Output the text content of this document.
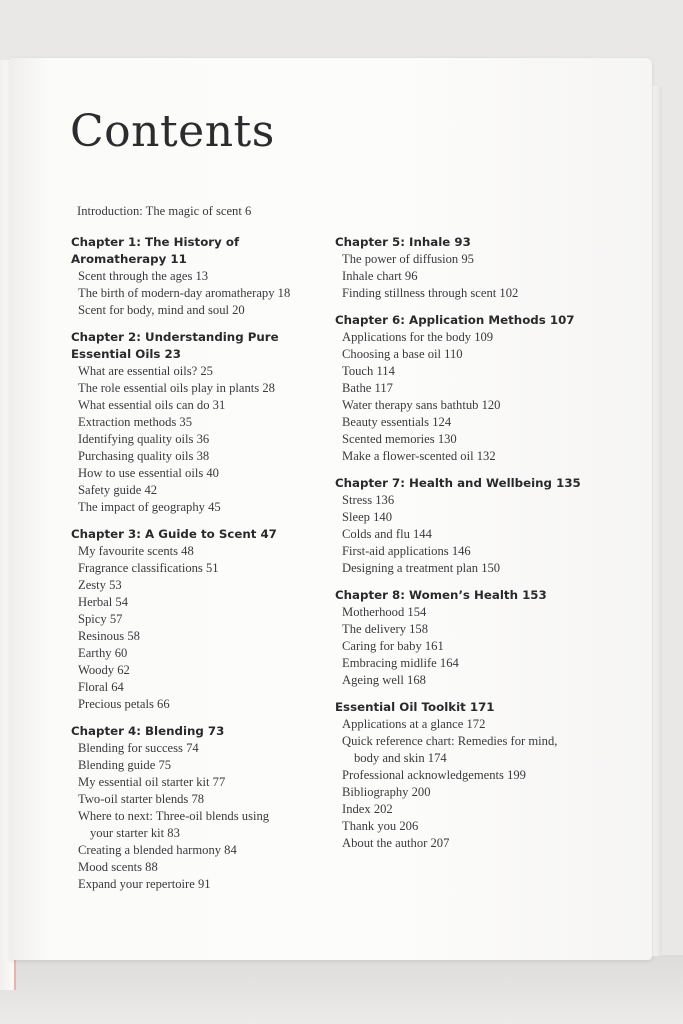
Contents
Introduction: The magic of scent 6
Chapter 1: The History of
Aromatherapy 11
Scent through the ages 13
The birth of modern-day aromatherapy 18
Scent for body, mind and soul 20
Chapter 2: Understanding Pure
Essential Oils 23
What are essential oils? 25
The role essential oils play in plants 28
What essential oils can do 31
Extraction methods 35
Identifying quality oils 36
Purchasing quality oils 38
How to use essential oils 40
Safety guide 42
The impact of geography 45
Chapter 3: A Guide to Scent 47
My favourite scents 48
Fragrance classifications 51
Zesty 53
Herbal 54
Spicy 57
Resinous 58
Earthy 60
Woody 62
Floral 64
Precious petals 66
Chapter 4: Blending 73
Blending for success 74
Blending guide 75
My essential oil starter kit 77
Two-oil starter blends 78
Where to next: Three-oil blends using
your starter kit 83
Creating a blended harmony 84
Mood scents 88
Expand your repertoire 91
Chapter 5: Inhale 93
The power of diffusion 95
Inhale chart 96
Finding stillness through scent 102
Chapter 6: Application Methods 107
Applications for the body 109
Choosing a base oil 110
Touch 114
Bathe 117
Water therapy sans bathtub 120
Beauty essentials 124
Scented memories 130
Make a flower-scented oil 132
Chapter 7: Health and Wellbeing 135
Stress 136
Sleep 140
Colds and flu 144
First-aid applications 146
Designing a treatment plan 150
Chapter 8: Women’s Health 153
Motherhood 154
The delivery 158
Caring for baby 161
Embracing midlife 164
Ageing well 168
Essential Oil Toolkit 171
Applications at a glance 172
Quick reference chart: Remedies for mind,
body and skin 174
Professional acknowledgements 199
Bibliography 200
Index 202
Thank you 206
About the author 207
